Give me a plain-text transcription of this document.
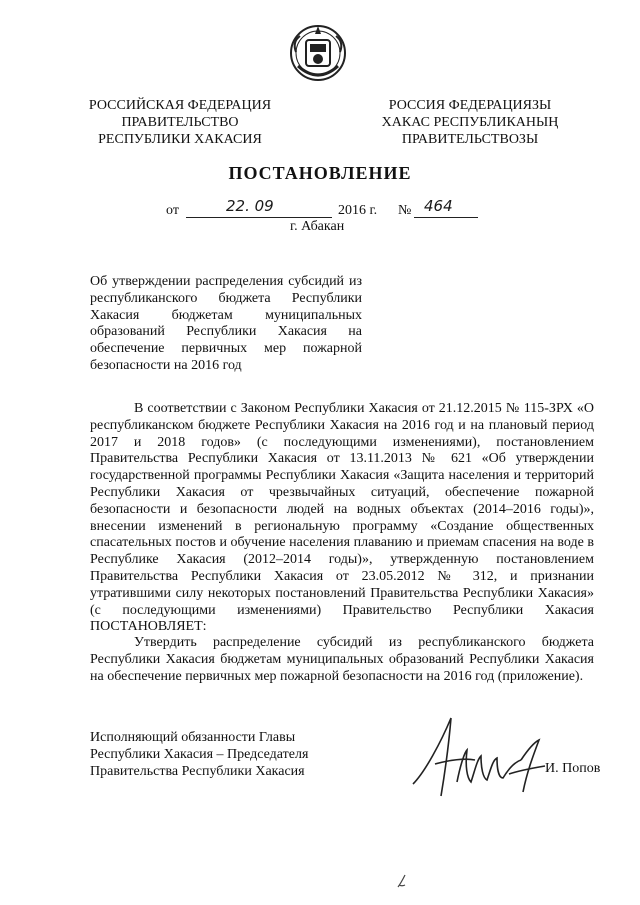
РОССИЙСКАЯ ФЕДЕРАЦИЯ
ПРАВИТЕЛЬСТВО
РЕСПУБЛИКИ ХАКАСИЯ
РОССИЯ ФЕДЕРАЦИЯЗЫ
ХАКАС РЕСПУБЛИКАНЫҢ
ПРАВИТЕЛЬСТВОЗЫ
ПОСТАНОВЛЕНИЕ
от	22. 09	2016 г. № 464
г. Абакан
Об утверждении распределения субсидий из республиканского бюджета Республики Хакасия бюджетам муниципальных образований Республики Хакасия на обеспечение первичных мер пожарной безопасности на 2016 год
В соответствии с Законом Республики Хакасия от 21.12.2015 № 115-ЗРХ «О республиканском бюджете Республики Хакасия на 2016 год и на плановый период 2017 и 2018 годов» (с последующими изменениями), постановлением Правительства Республики Хакасия от 13.11.2013 № 621 «Об утверждении государственной программы Республики Хакасия «Защита населения и территорий Республики Хакасия от чрезвычайных ситуаций, обеспечение пожарной безопасности и безопасности людей на водных объектах (2014–2016 годы)», внесении изменений в региональную программу «Создание общественных спасательных постов и обучение населения плаванию и приемам спасения на воде в Республике Хакасия (2012–2014 годы)», утвержденную постановлением Правительства Республики Хакасия от 23.05.2012 № 312, и признании утратившими силу некоторых постановлений Правительства Республики Хакасия» (с последующими изменениями) Правительство Республики Хакасия ПОСТАНОВЛЯЕТ:
Утвердить распределение субсидий из республиканского бюджета Республики Хакасия бюджетам муниципальных образований Республики Хакасия на обеспечение первичных мер пожарной безопасности на 2016 год (приложение).
Исполняющий обязанности Главы
Республики Хакасия – Председателя
Правительства Республики Хакасия	И. Попов
